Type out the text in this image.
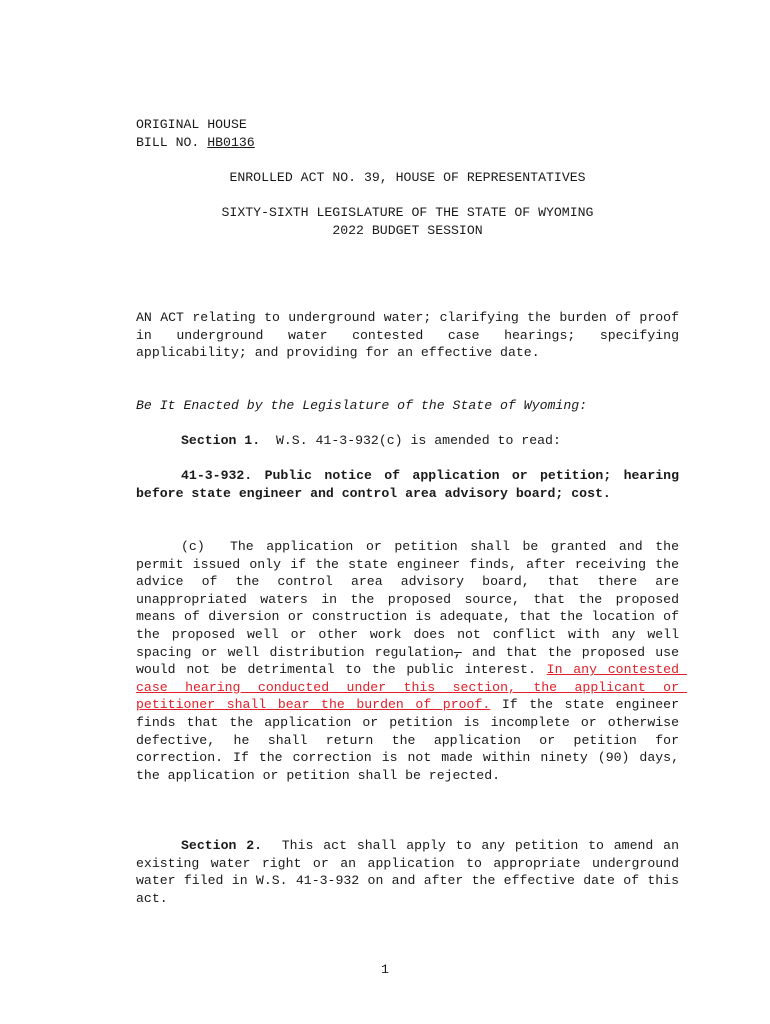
ORIGINAL HOUSE
BILL NO. HB0136
ENROLLED ACT NO. 39, HOUSE OF REPRESENTATIVES
SIXTY-SIXTH LEGISLATURE OF THE STATE OF WYOMING
2022 BUDGET SESSION
AN ACT relating to underground water; clarifying the burden of proof in underground water contested case hearings; specifying applicability; and providing for an effective date.
Be It Enacted by the Legislature of the State of Wyoming:
Section 1.  W.S. 41-3-932(c) is amended to read:
41-3-932. Public notice of application or petition; hearing before state engineer and control area advisory board; cost.
(c)  The application or petition shall be granted and the permit issued only if the state engineer finds, after receiving the advice of the control area advisory board, that there are unappropriated waters in the proposed source, that the proposed means of diversion or construction is adequate, that the location of the proposed well or other work does not conflict with any well spacing or well distribution regulation, and that the proposed use would not be detrimental to the public interest. In any contested case hearing conducted under this section, the applicant or petitioner shall bear the burden of proof. If the state engineer finds that the application or petition is incomplete or otherwise defective, he shall return the application or petition for correction. If the correction is not made within ninety (90) days, the application or petition shall be rejected.
Section 2.  This act shall apply to any petition to amend an existing water right or an application to appropriate underground water filed in W.S. 41-3-932 on and after the effective date of this act.
1
